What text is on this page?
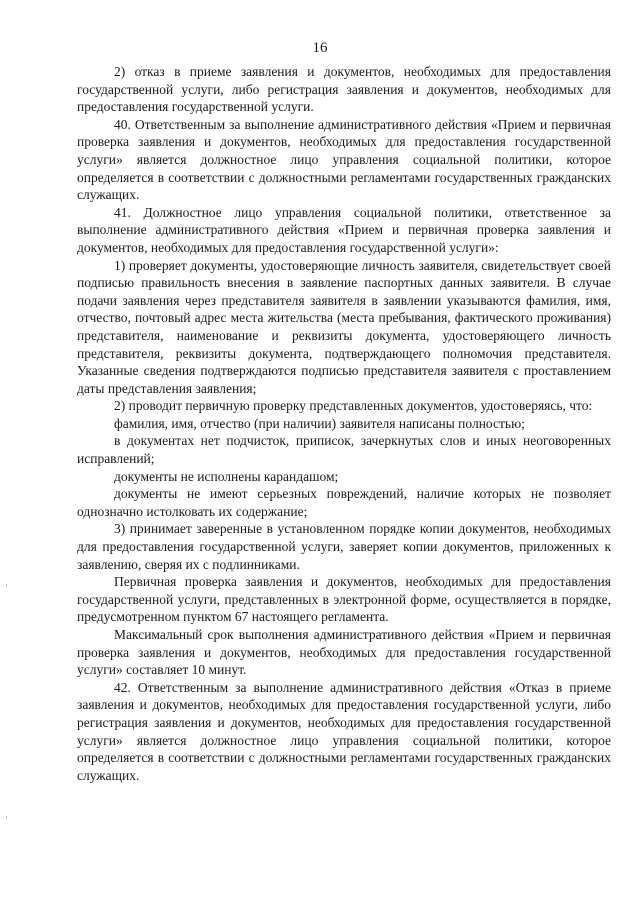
16

2) отказ в приеме заявления и документов, необходимых для предоставления государственной услуги, либо регистрация заявления и документов, необходимых для предоставления государственной услуги.

40. Ответственным за выполнение административного действия «Прием и первичная проверка заявления и документов, необходимых для предоставления государственной услуги» является должностное лицо управления социальной политики, которое определяется в соответствии с должностными регламентами государственных гражданских служащих.

41. Должностное лицо управления социальной политики, ответственное за выполнение административного действия «Прием и первичная проверка заявления и документов, необходимых для предоставления государственной услуги»:

1) проверяет документы, удостоверяющие личность заявителя, свидетельствует своей подписью правильность внесения в заявление паспортных данных заявителя. В случае подачи заявления через представителя заявителя в заявлении указываются фамилия, имя, отчество, почтовый адрес места жительства (места пребывания, фактического проживания) представителя, наименование и реквизиты документа, удостоверяющего личность представителя, реквизиты документа, подтверждающего полномочия представителя. Указанные сведения подтверждаются подписью представителя заявителя с проставлением даты представления заявления;

2) проводит первичную проверку представленных документов, удостоверяясь, что:

фамилия, имя, отчество (при наличии) заявителя написаны полностью;

в документах нет подчисток, приписок, зачеркнутых слов и иных неоговоренных исправлений;

документы не исполнены карандашом;

документы не имеют серьезных повреждений, наличие которых не позволяет однозначно истолковать их содержание;

3) принимает заверенные в установленном порядке копии документов, необходимых для предоставления государственной услуги, заверяет копии документов, приложенных к заявлению, сверяя их с подлинниками.

Первичная проверка заявления и документов, необходимых для предоставления государственной услуги, представленных в электронной форме, осуществляется в порядке, предусмотренном пунктом 67 настоящего регламента.

Максимальный срок выполнения административного действия «Прием и первичная проверка заявления и документов, необходимых для предоставления государственной услуги» составляет 10 минут.

42. Ответственным за выполнение административного действия «Отказ в приеме заявления и документов, необходимых для предоставления государственной услуги, либо регистрация заявления и документов, необходимых для предоставления государственной услуги» является должностное лицо управления социальной политики, которое определяется в соответствии с должностными регламентами государственных гражданских служащих.
